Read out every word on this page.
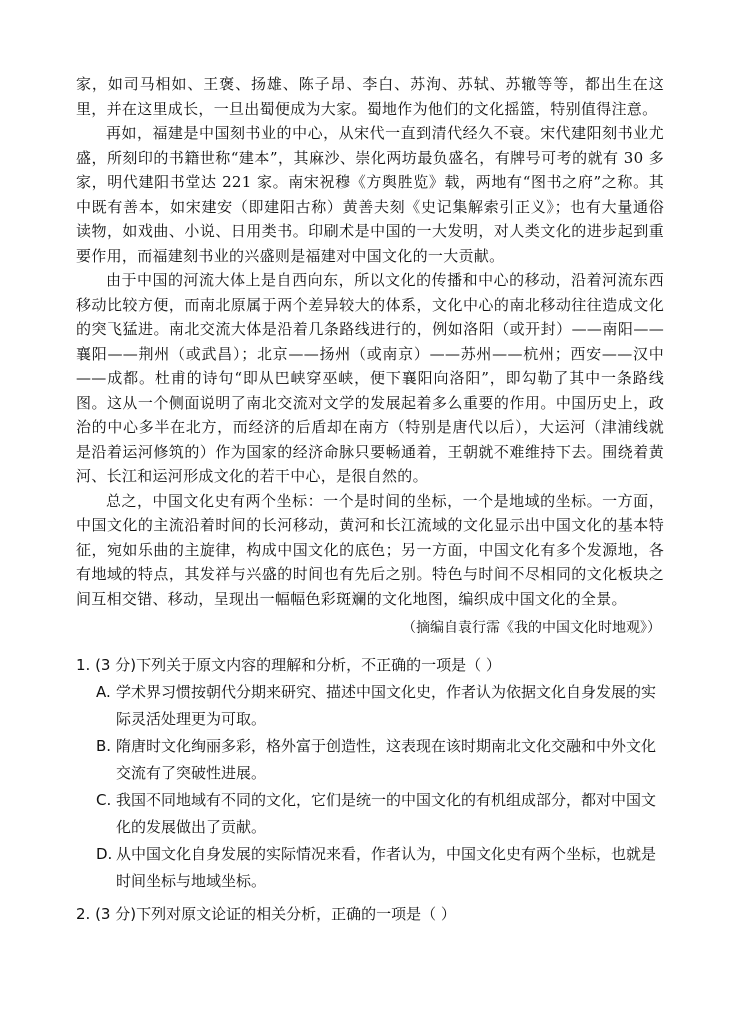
家，如司马相如、王褒、扬雄、陈子昂、李白、苏洵、苏轼、苏辙等等，都出生在这里，并在这里成长，一旦出蜀便成为大家。蜀地作为他们的文化摇篮，特别值得注意。

再如，福建是中国刻书业的中心，从宋代一直到清代经久不衰。宋代建阳刻书业尤盛，所刻印的书籍世称“建本”，其麻沙、崇化两坊最负盛名，有牌号可考的就有 30 多家，明代建阳书堂达 221 家。南宋祝穆《方舆胜览》载，两地有“图书之府”之称。其中既有善本，如宋建安（即建阳古称）黄善夫刻《史记集解索引正义》；也有大量通俗读物，如戏曲、小说、日用类书。印刷术是中国的一大发明，对人类文化的进步起到重要作用，而福建刻书业的兴盛则是福建对中国文化的一大贡献。

由于中国的河流大体上是自西向东，所以文化的传播和中心的移动，沿着河流东西移动比较方便，而南北原属于两个差异较大的体系，文化中心的南北移动往往造成文化的突飞猛进。南北交流大体是沿着几条路线进行的，例如洛阳（或开封）——南阳——襄阳——荆州（或武昌）；北京——扬州（或南京）——苏州——杭州；西安——汉中——成都。杜甫的诗句“即从巴峡穿巫峡，便下襄阳向洛阳”，即勾勒了其中一条路线图。这从一个侧面说明了南北交流对文学的发展起着多么重要的作用。中国历史上，政治的中心多半在北方，而经济的后盾却在南方（特别是唐代以后），大运河（津浦线就是沿着运河修筑的）作为国家的经济命脉只要畅通着，王朝就不难维持下去。围绕着黄河、长江和运河形成文化的若干中心，是很自然的。

总之，中国文化史有两个坐标：一个是时间的坐标，一个是地域的坐标。一方面，中国文化的主流沿着时间的长河移动，黄河和长江流域的文化显示出中国文化的基本特征，宛如乐曲的主旋律，构成中国文化的底色；另一方面，中国文化有多个发源地，各有地域的特点，其发祥与兴盛的时间也有先后之别。特色与时间不尽相同的文化板块之间互相交错、移动，呈现出一幅幅色彩斑斓的文化地图，编织成中国文化的全景。

（摘编自袁行霈《我的中国文化时地观》）

1. (3 分)下列关于原文内容的理解和分析，不正确的一项是（ ）

A. 学术界习惯按朝代分期来研究、描述中国文化史，作者认为依据文化自身发展的实际灵活处理更为可取。
B. 隋唐时文化绚丽多彩，格外富于创造性，这表现在该时期南北文化交融和中外文化交流有了突破性进展。
C. 我国不同地域有不同的文化，它们是统一的中国文化的有机组成部分，都对中国文化的发展做出了贡献。
D. 从中国文化自身发展的实际情况来看，作者认为，中国文化史有两个坐标，也就是时间坐标与地域坐标。

2. (3 分)下列对原文论证的相关分析，正确的一项是（ ）
